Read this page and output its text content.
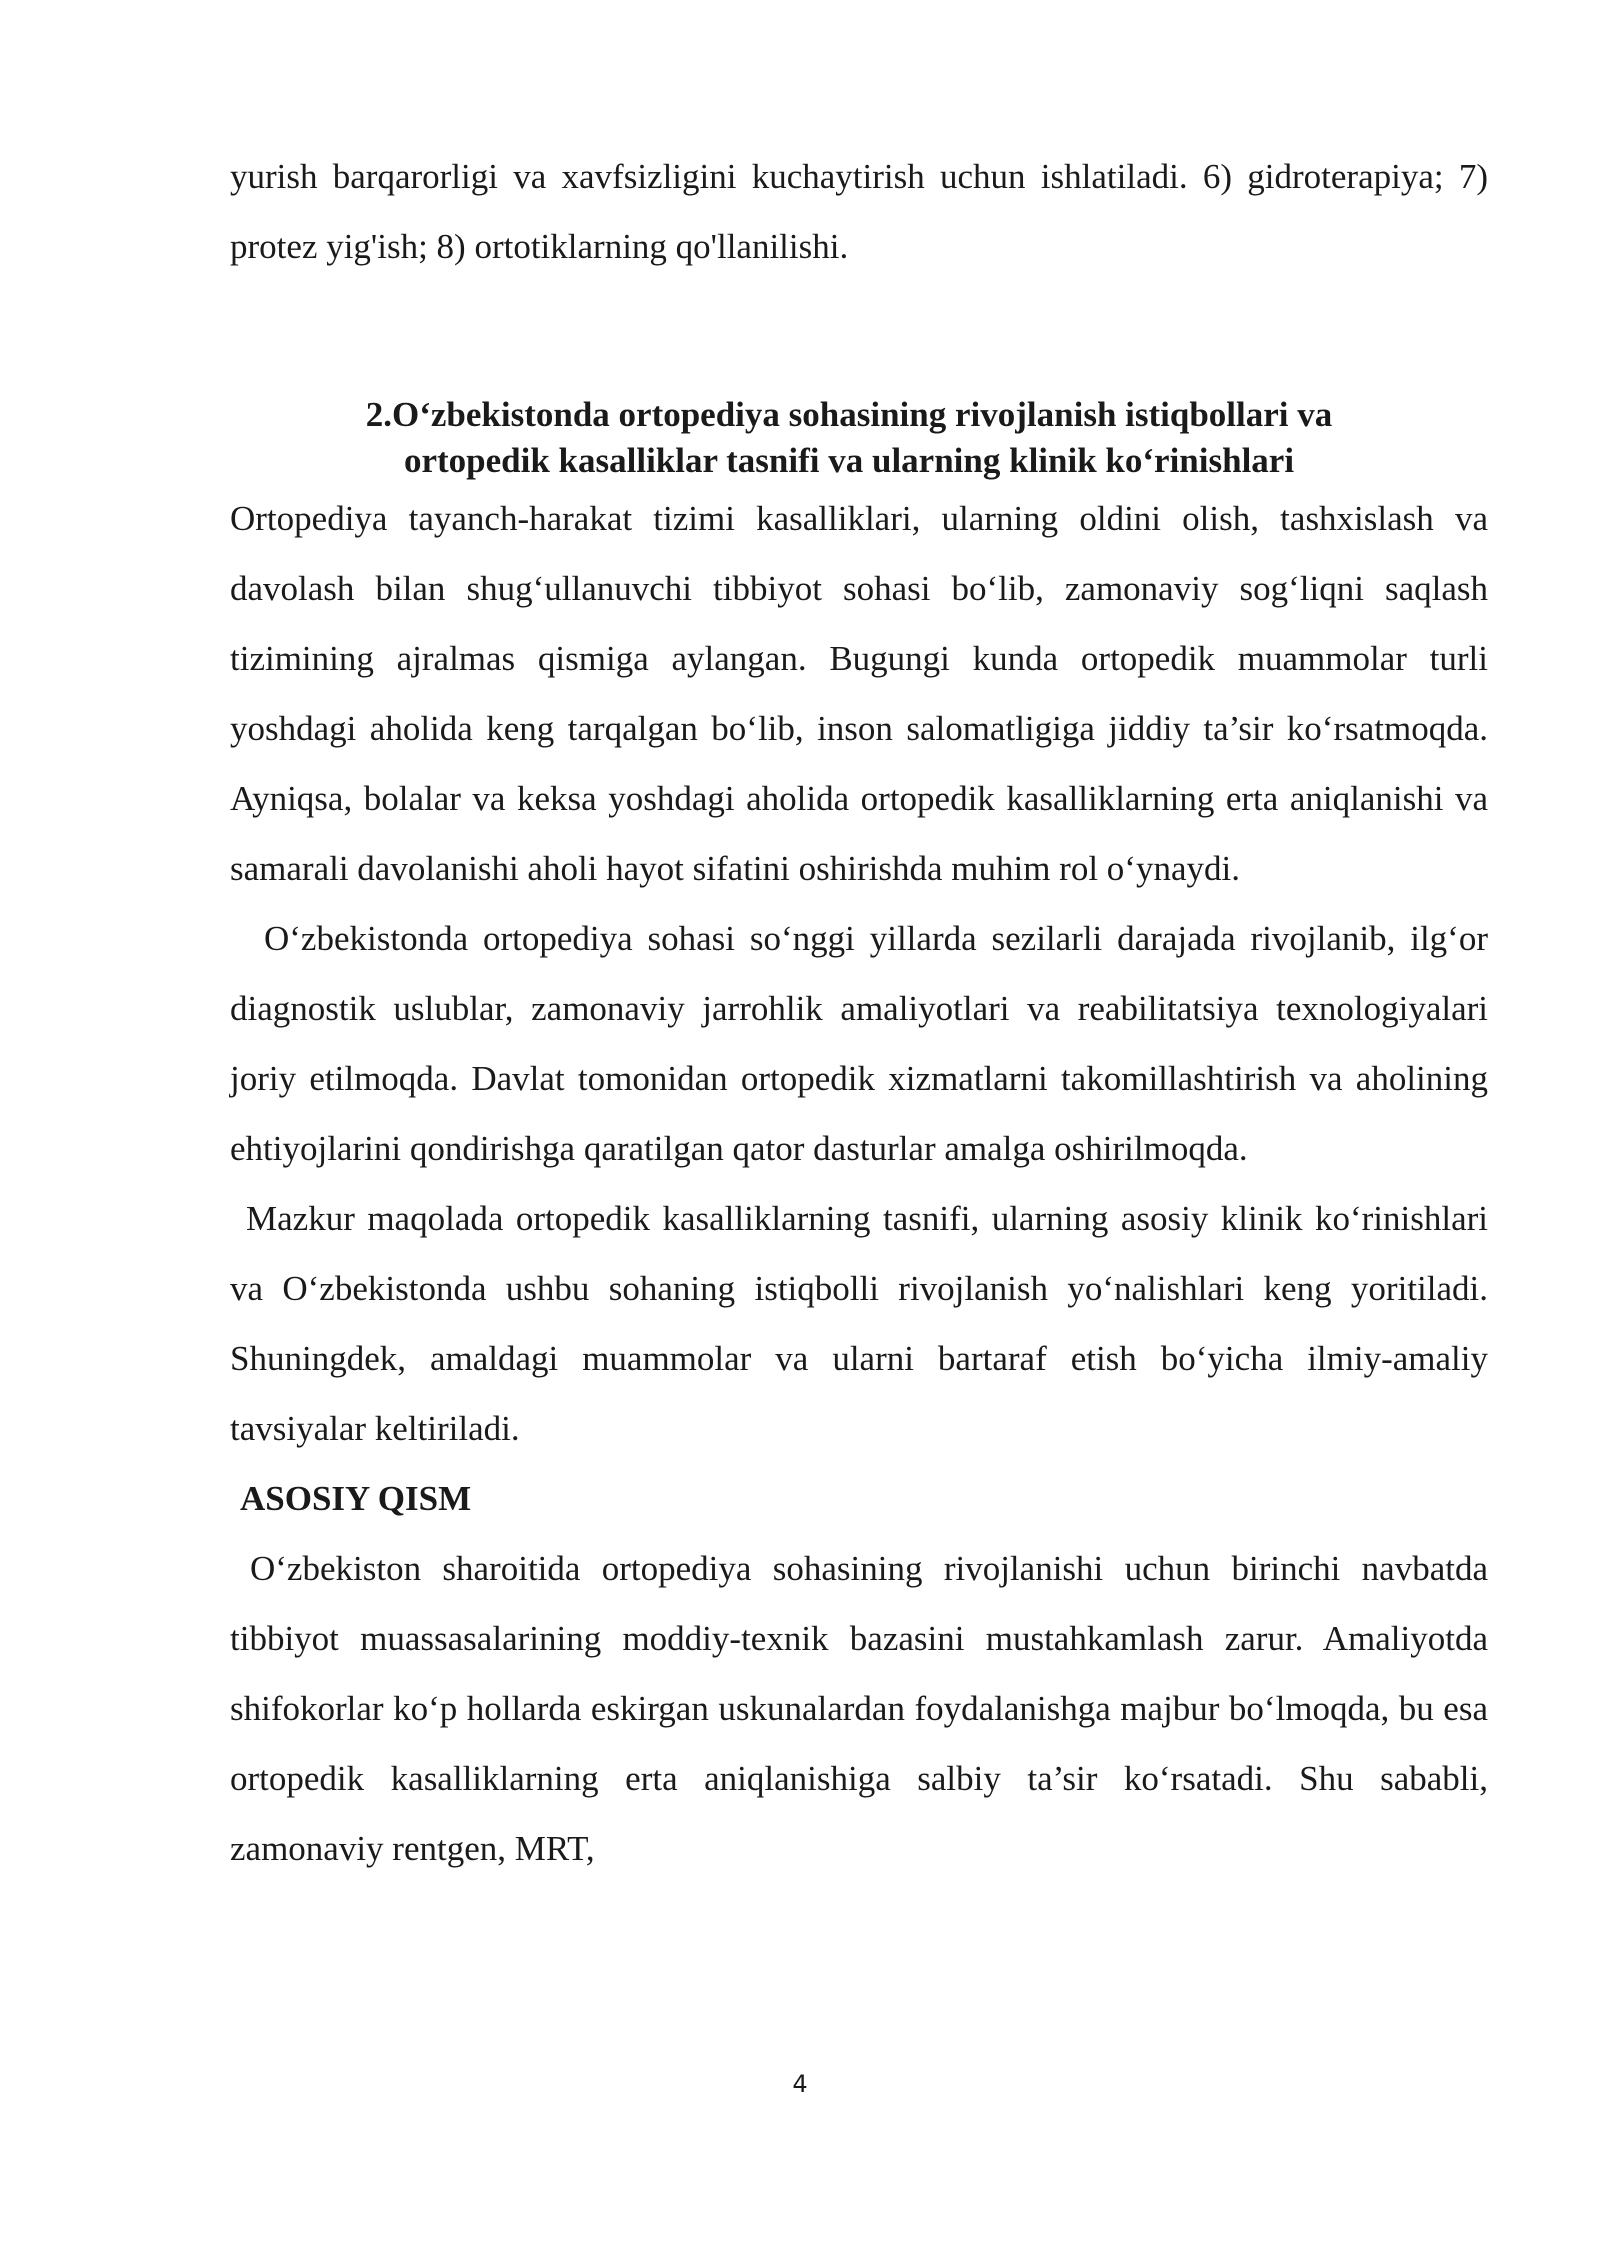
yurish barqarorligi va xavfsizligini kuchaytirish uchun ishlatiladi. 6) gidroterapiya; 7) protez yig'ish; 8) ortotiklarning qo'llanilishi.

2.O‘zbekistonda ortopediya sohasining rivojlanish istiqbollari va
ortopedik kasalliklar tasnifi va ularning klinik ko‘rinishlari

Ortopediya tayanch-harakat tizimi kasalliklari, ularning oldini olish, tashxislash va davolash bilan shug‘ullanuvchi tibbiyot sohasi bo‘lib, zamonaviy sog‘liqni saqlash tizimining ajralmas qismiga aylangan. Bugungi kunda ortopedik muammolar turli yoshdagi aholida keng tarqalgan bo‘lib, inson salomatligiga jiddiy ta’sir ko‘rsatmoqda. Ayniqsa, bolalar va keksa yoshdagi aholida ortopedik kasalliklarning erta aniqlanishi va samarali davolanishi aholi hayot sifatini oshirishda muhim rol o‘ynaydi.

O‘zbekistonda ortopediya sohasi so‘nggi yillarda sezilarli darajada rivojlanib, ilg‘or diagnostik uslublar, zamonaviy jarrohlik amaliyotlari va reabilitatsiya texnologiyalari joriy etilmoqda. Davlat tomonidan ortopedik xizmatlarni takomillashtirish va aholining ehtiyojlarini qondirishga qaratilgan qator dasturlar amalga oshirilmoqda.

Mazkur maqolada ortopedik kasalliklarning tasnifi, ularning asosiy klinik ko‘rinishlari va O‘zbekistonda ushbu sohaning istiqbolli rivojlanish yo‘nalishlari keng yoritiladi. Shuningdek, amaldagi muammolar va ularni bartaraf etish bo‘yicha ilmiy-amaliy tavsiyalar keltiriladi.

ASOSIY QISM

O‘zbekiston sharoitida ortopediya sohasining rivojlanishi uchun birinchi navbatda tibbiyot muassasalarining moddiy-texnik bazasini mustahkamlash zarur. Amaliyotda shifokorlar ko‘p hollarda eskirgan uskunalardan foydalanishga majbur bo‘lmoqda, bu esa ortopedik kasalliklarning erta aniqlanishiga salbiy ta’sir ko‘rsatadi. Shu sababli, zamonaviy rentgen, MRT,

4
